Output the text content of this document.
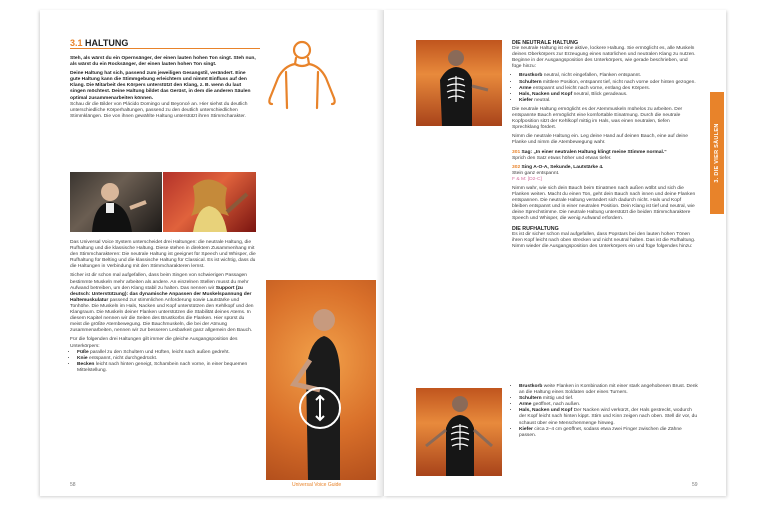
3.1 HALTUNG

Steh, als wärst du ein Opernsänger, der einen lauten hohen Ton singt. Steh nun, als wärst du ein Rocksänger, der einen lauten hohen Ton singt.

Deine Haltung hat sich, passend zum jeweiligen Gesangstil, verändert. Eine gute Haltung kann die Stimmgebung erleichtern und nimmt Einfluss auf den Klang. Die Mitarbeit des Körpers unterstützt den Klang, z. B. wenn du laut singen möchtest. Deine Haltung bildet das Gerüst, in dem die anderen Säulen optimal zusammenarbeiten können.

Schau dir die Bilder von Plácido Domingo und Beyoncé an. Hier siehst du deutlich unterschiedliche Körperhaltungen, passend zu den deutlich unterschiedlichen Stimmklängen. Die von ihnen gewählte Haltung unterstützt ihren Stimmcharakter.

Das Universal Voice System unterscheidet drei Haltungen: die neutrale Haltung, die Rufhaltung und die klassische Haltung. Diese stehen in direktem Zusammenhang mit den Stimmcharakteren: Die neutrale Haltung ist geeignet für Speech und Whisper, die Rufhaltung für Belting und die klassische Haltung für Classical. Es ist wichtig, dass du die Haltungen in Verbindung mit den Stimmcharakteren lernst.

Sicher ist dir schon mal aufgefallen, dass beim Singen von schwierigen Passagen bestimmte Muskeln mehr arbeiten als andere. An einzelnen Stellen musst du mehr Aufwand betreiben, um den Klang stabil zu halten. Das nennen wir Support (zu deutsch: Unterstützung): das dynamische Anpassen der Muskelspannung der Haltemuskulatur passend zur stimmlichen Anforderung sowie Lautstärke und Tonhöhe. Die Muskeln im Hals, Nacken und Kopf unterstützen den Kehlkopf und den Klangraum. Die Muskeln deiner Flanken unterstützen die Stabilität deines Atems. In diesem Kapitel nennen wir die Seiten des Brustkorbs die Flanken. Hier spürst du meist die größte Atembewegung. Die Bauchmuskeln, die bei der Atmung zusammenarbeiten, nennen wir zur besseren Lesbarkeit ganz allgemein den Bauch.

Für die folgenden drei Haltungen gilt immer die gleiche Ausgangsposition des Unterkörpers:

• Füße parallel zu den Schultern und Hüften, leicht nach außen gedreht.
• Knie entspannt, nicht durchgedrückt.
• Becken leicht nach hinten geneigt, Schambein nach vorne, in einer bequemen Mittelstellung.
58	Universal Voice Guide
DIE NEUTRALE HALTUNG

Die neutrale Haltung ist eine aktive, lockere Haltung. Sie ermöglicht es, alle Muskeln deines Oberkörpers zur Erzeugung eines natürlichen und neutralen Klang zu nutzen. Beginne in der Ausgangsposition des Unterkörpers, wie gerade beschrieben, und füge hinzu:

• Brustkorb neutral, nicht eingefallen, Flanken entspannt.
• Schultern mittlere Position, entspannt tief, nicht nach vorne oder hinten gezogen.
• Arme entspannt und leicht nach vorne, entlang des Körpers.
• Hals, Nacken und Kopf neutral, Blick geradeaus.
• Kiefer neutral.

Die neutrale Haltung ermöglicht es der Atemmuskeln mühelos zu arbeiten. Der entspannte Bauch ermöglicht eine komfortable Einatmung. Durch die neutrale Kopfposition sitzt der Kehlkopf mittig im Hals, was einen neutralen, tiefen Sprechklang fördert.

Nimm die neutrale Haltung ein. Leg deine Hand auf deinen Bauch, eine auf deine Flanke und nimm die Atembewegung wahr.

301 Sag: „In einer neutralen Haltung klingt meine Stimme normal.“

Sprich den Satz etwas höher und etwas tiefer.

302 Sing A-O-A, Sekunde, Lautstärke 4.
Stein ganz entspannt.

F & M: [D2-C]

Nimm wahr, wie sich dein Bauch beim Einatmen nach außen wölbt und sich die Flanken weiten. Macht du einen Ton, geht dein Bauch nach innen und deine Flanken entspannen. Die neutrale Haltung verändert sich dadurch nicht. Hals und Kopf bleiben entspannt und in einer neutralen Position. Dein Klang ist tief und neutral, wie deine Sprechstimme. Die neutrale Haltung unterstützt die beiden Stimmcharaktere Speech und Whisper, die wenig Aufwand erfordern.

DIE RUFHALTUNG

Es ist dir sicher schon mal aufgefallen, dass Popstars bei den lauten hohen Tönen ihren Kopf leicht nach oben strecken und nicht neutral halten. Das ist die Rufhaltung. Nimm wieder die Ausgangsposition des Unterkörpers ein und füge folgendes hinzu:

• Brustkorb weite Flanken in Kombination mit einer stark angehobenen Brust. Denk an die Haltung eines Soldaten oder eines Turners.
• Schultern mittig und tief.
• Arme geöffnet, nach außen.
• Hals, Nacken und Kopf Der Nacken wird verkürzt, der Hals gestreckt, wodurch der Kopf leicht nach hinten kippt. Stirn und Kinn zeigen nach oben. Stell dir vor, du schaust über eine Menschenmenge hinweg.
• Kiefer circa 2–4 cm geöffnet, sodass etwa zwei Finger zwischen die Zähne passen.
3. DIE VIER SÄULEN
59
